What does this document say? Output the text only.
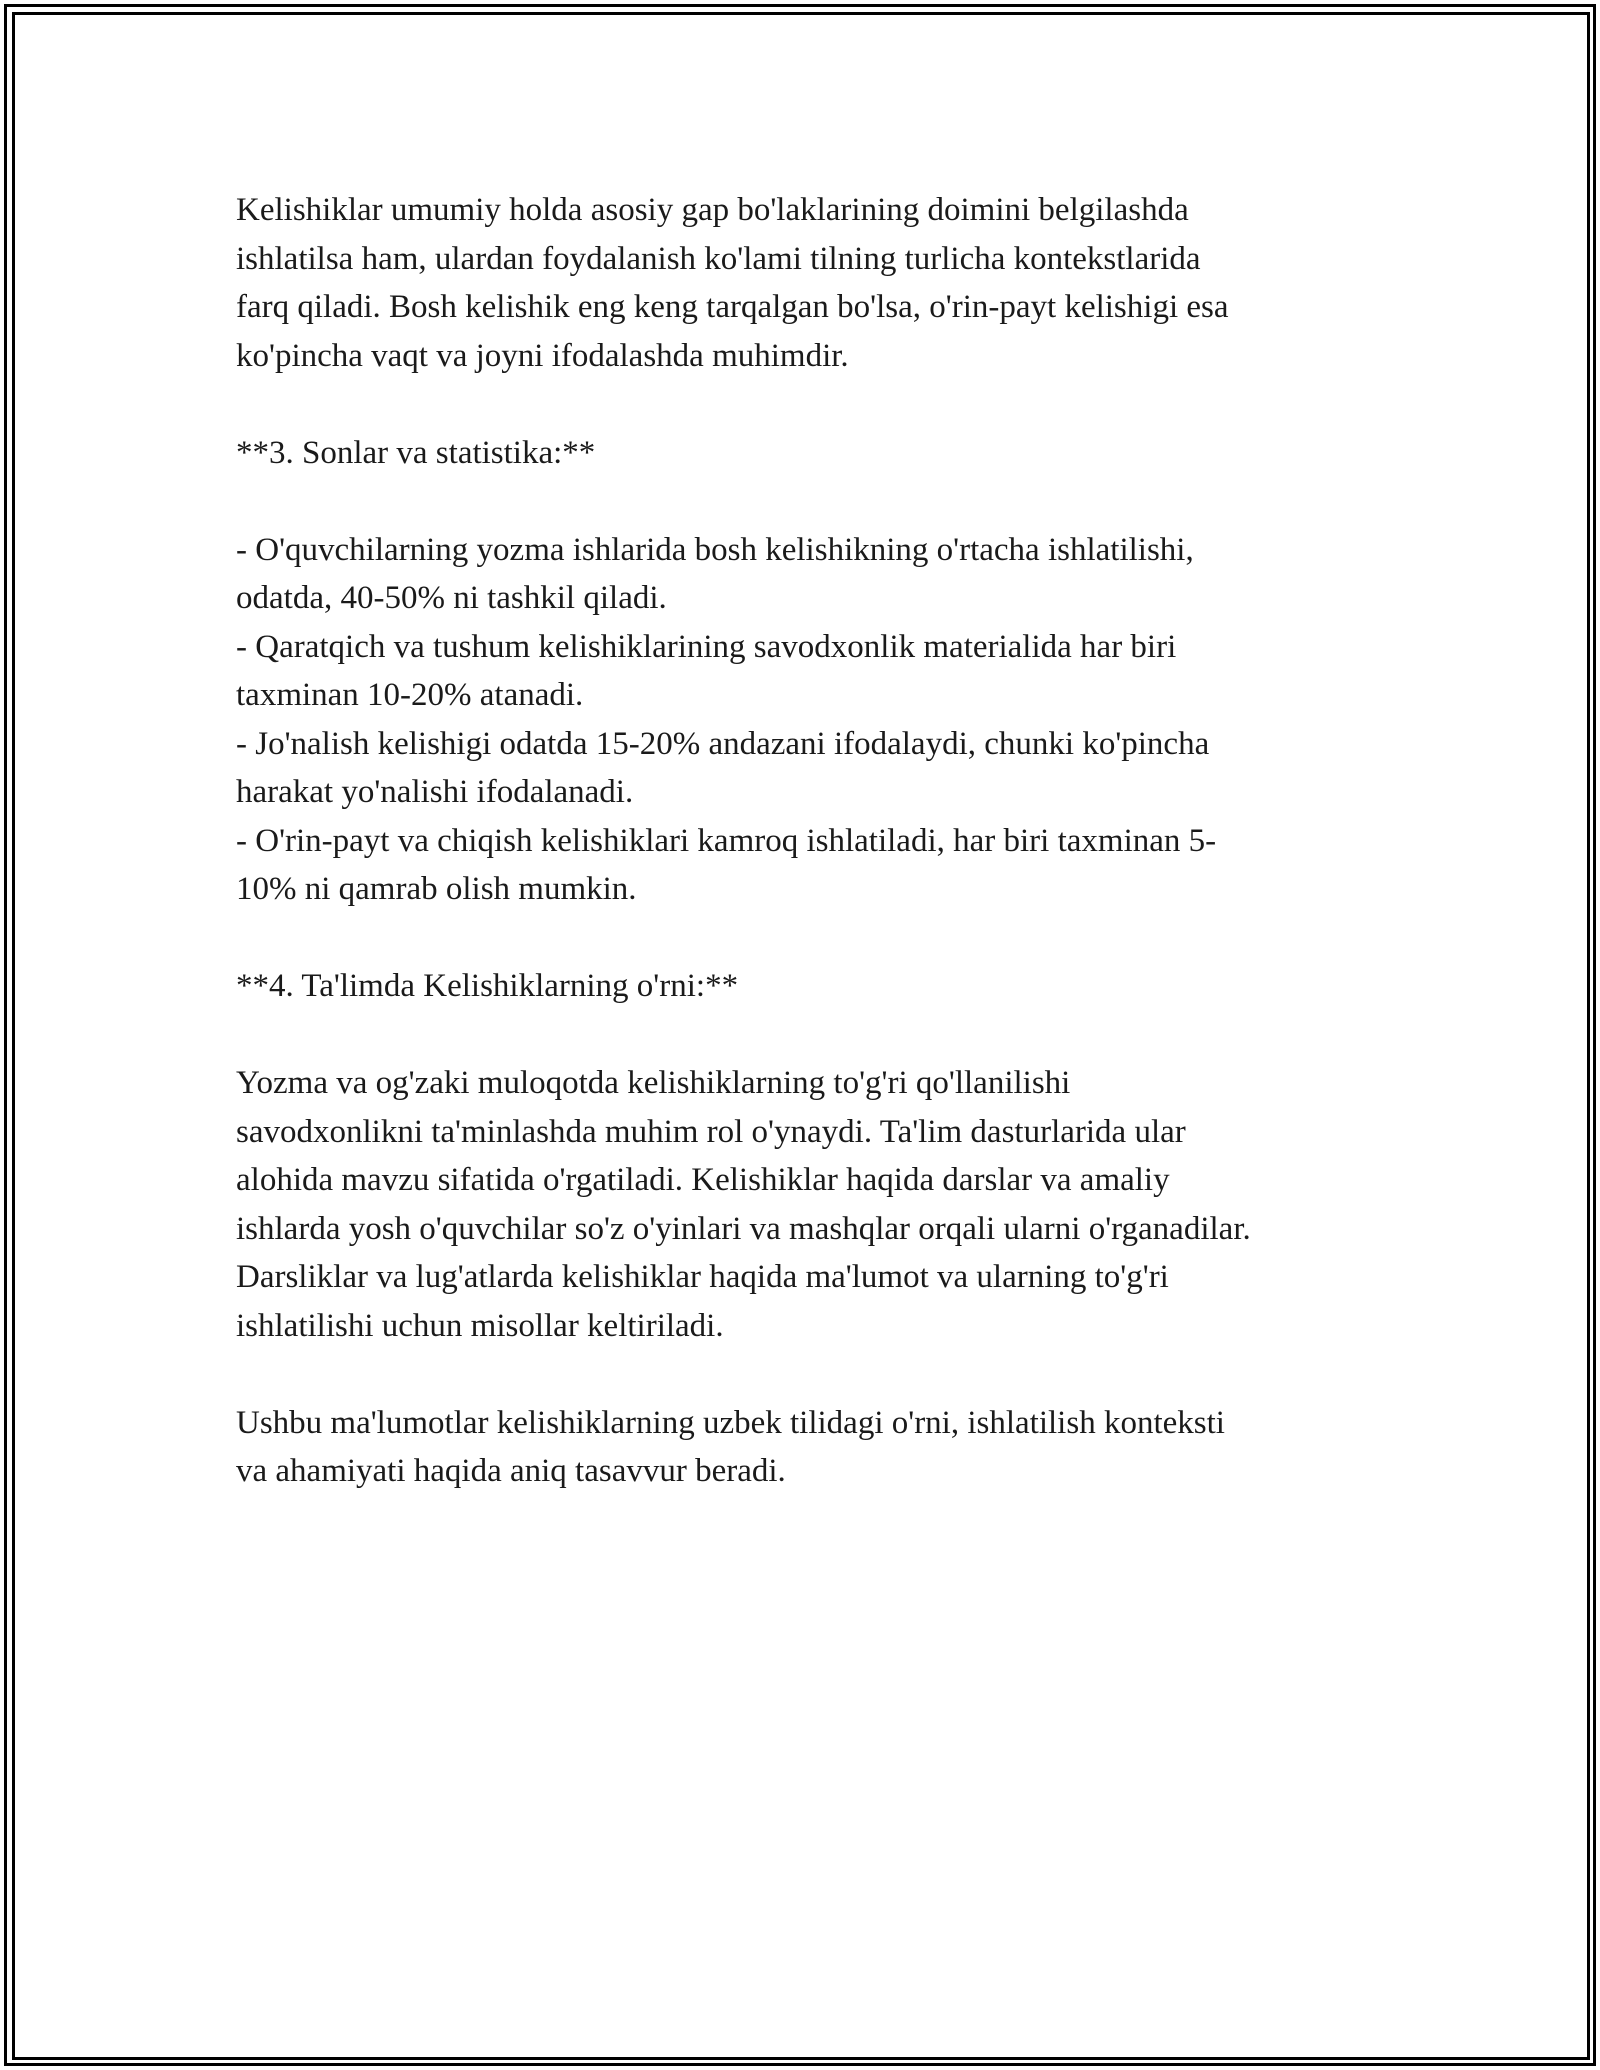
Kelishiklar umumiy holda asosiy gap bo'laklarining doimini belgilashda
ishlatilsa ham, ulardan foydalanish ko'lami tilning turlicha kontekstlarida
farq qiladi. Bosh kelishik eng keng tarqalgan bo'lsa, o'rin-payt kelishigi esa
ko'pincha vaqt va joyni ifodalashda muhimdir.

**3. Sonlar va statistika:**

- O'quvchilarning yozma ishlarida bosh kelishikning o'rtacha ishlatilishi,
odatda, 40-50% ni tashkil qiladi.
- Qaratqich va tushum kelishiklarining savodxonlik materialida har biri
taxminan 10-20% atanadi.
- Jo'nalish kelishigi odatda 15-20% andazani ifodalaydi, chunki ko'pincha
harakat yo'nalishi ifodalanadi.
- O'rin-payt va chiqish kelishiklari kamroq ishlatiladi, har biri taxminan 5-
10% ni qamrab olish mumkin.

**4. Ta'limda Kelishiklarning o'rni:**

Yozma va og'zaki muloqotda kelishiklarning to'g'ri qo'llanilishi
savodxonlikni ta'minlashda muhim rol o'ynaydi. Ta'lim dasturlarida ular
alohida mavzu sifatida o'rgatiladi. Kelishiklar haqida darslar va amaliy
ishlarda yosh o'quvchilar so'z o'yinlari va mashqlar orqali ularni o'rganadilar.
Darsliklar va lug'atlarda kelishiklar haqida ma'lumot va ularning to'g'ri
ishlatilishi uchun misollar keltiriladi.

Ushbu ma'lumotlar kelishiklarning uzbek tilidagi o'rni, ishlatilish konteksti
va ahamiyati haqida aniq tasavvur beradi.
